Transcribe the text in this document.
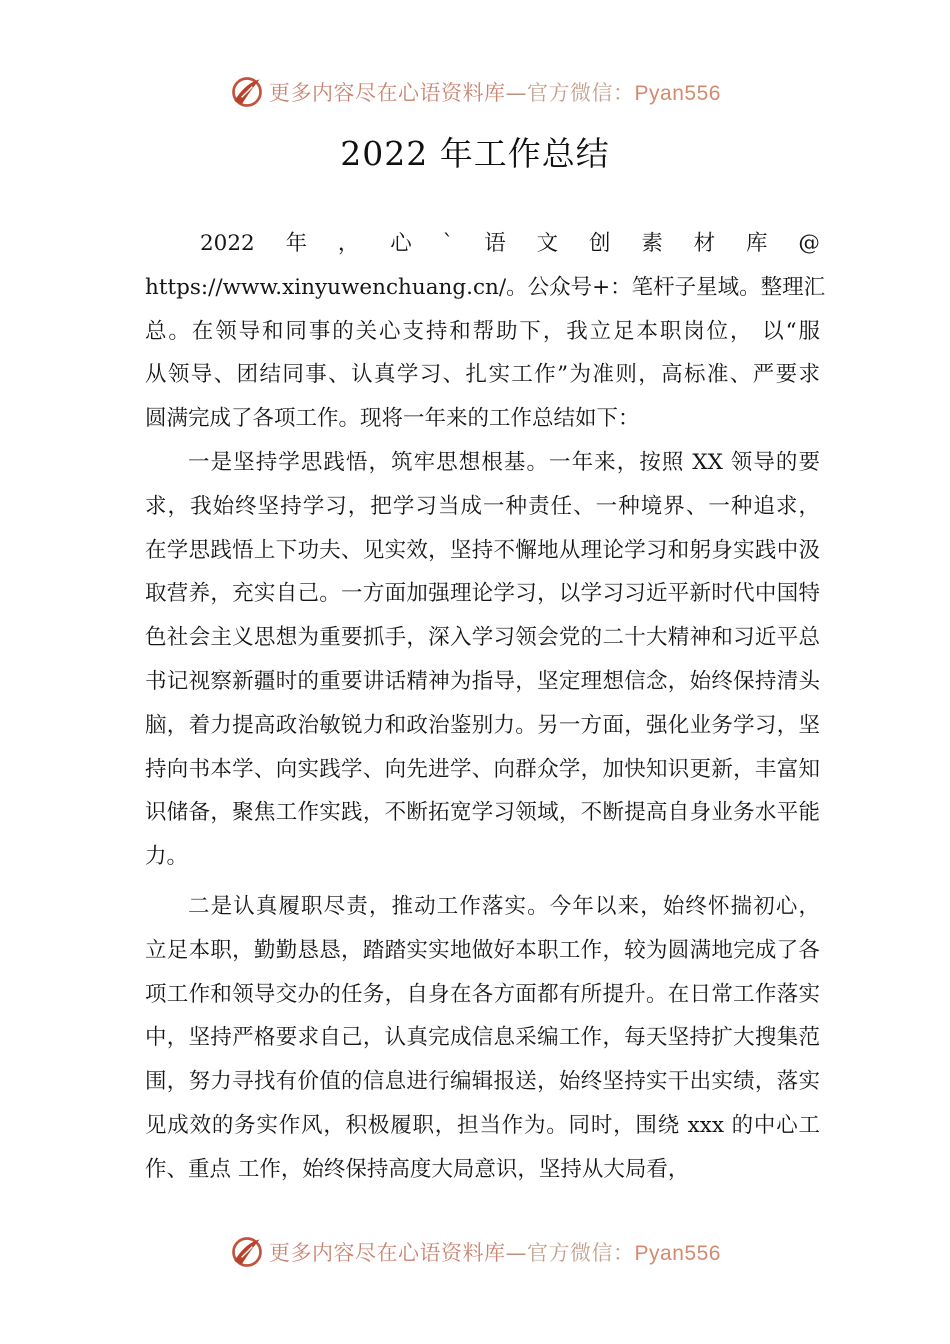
更多内容尽在心语资料库—官方微信：Pyan556
2022 年工作总结
2022 年 ， 心 ` 语 文 创 素 材 库 @
https://www.xinyuwenchuang.cn/。公众号+：笔杆子星域。整理汇
总。在领导和同事的关心支持和帮助下，我立足本职岗位， 以“服
从领导、团结同事、认真学习、扎实工作”为准则，高标准、严要求
圆满完成了各项工作。现将一年来的工作总结如下：
一是坚持学思践悟，筑牢思想根基。一年来，按照 XX 领导的要
求，我始终坚持学习，把学习当成一种责任、一种境界、一种追求，
在学思践悟上下功夫、见实效，坚持不懈地从理论学习和躬身实践中汲
取营养，充实自己。一方面加强理论学习，以学习习近平新时代中国特
色社会主义思想为重要抓手，深入学习领会党的二十大精神和习近平总
书记视察新疆时的重要讲话精神为指导，坚定理想信念，始终保持清头
脑，着力提高政治敏锐力和政治鉴别力。另一方面，强化业务学习，坚
持向书本学、向实践学、向先进学、向群众学，加快知识更新，丰富知
识储备，聚焦工作实践，不断拓宽学习领域，不断提高自身业务水平能
力。
二是认真履职尽责，推动工作落实。今年以来，始终怀揣初心，
立足本职，勤勤恳恳，踏踏实实地做好本职工作，较为圆满地完成了各
项工作和领导交办的任务，自身在各方面都有所提升。在日常工作落实
中，坚持严格要求自己，认真完成信息采编工作，每天坚持扩大搜集范
围，努力寻找有价值的信息进行编辑报送，始终坚持实干出实绩，落实
见成效的务实作风，积极履职，担当作为。同时，围绕 xxx 的中心工
作、重点 工作，始终保持高度大局意识，坚持从大局看，
更多内容尽在心语资料库—官方微信：Pyan556
